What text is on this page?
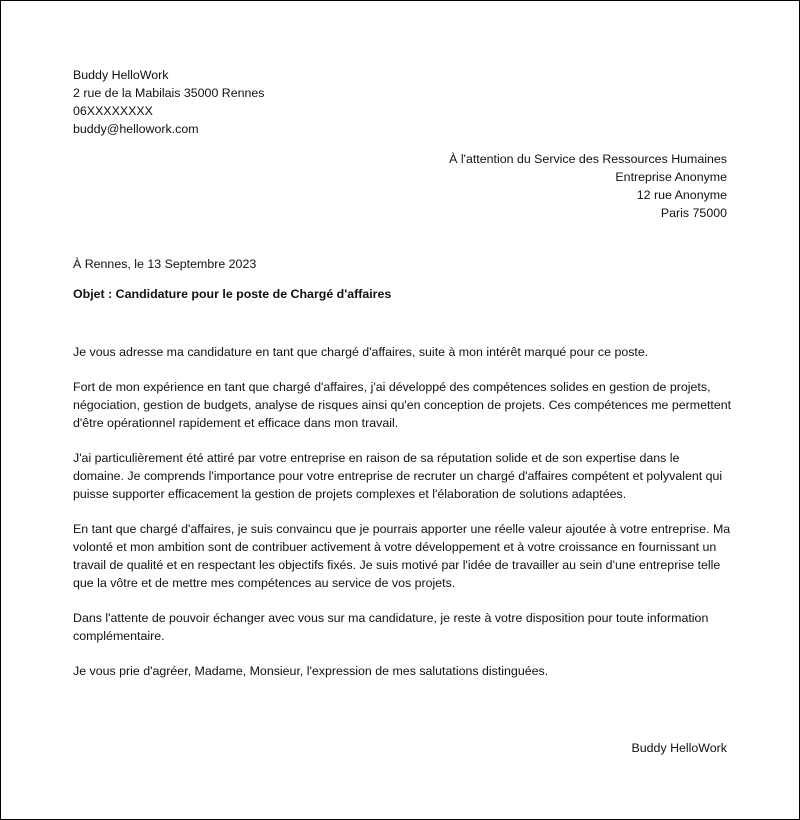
Buddy HelloWork
2 rue de la Mabilais 35000 Rennes
06XXXXXXXX
buddy@hellowork.com
À l'attention du Service des Ressources Humaines
Entreprise Anonyme
12 rue Anonyme
Paris 75000
À Rennes, le 13 Septembre 2023
Objet : Candidature pour le poste de Chargé d'affaires

Je vous adresse ma candidature en tant que chargé d'affaires, suite à mon intérêt marqué pour ce poste.

Fort de mon expérience en tant que chargé d'affaires, j'ai développé des compétences solides en gestion de projets, négociation, gestion de budgets, analyse de risques ainsi qu'en conception de projets. Ces compétences me permettent d'être opérationnel rapidement et efficace dans mon travail.

J'ai particulièrement été attiré par votre entreprise en raison de sa réputation solide et de son expertise dans le domaine. Je comprends l'importance pour votre entreprise de recruter un chargé d'affaires compétent et polyvalent qui puisse supporter efficacement la gestion de projets complexes et l'élaboration de solutions adaptées.

En tant que chargé d'affaires, je suis convaincu que je pourrais apporter une réelle valeur ajoutée à votre entreprise. Ma volonté et mon ambition sont de contribuer activement à votre développement et à votre croissance en fournissant un travail de qualité et en respectant les objectifs fixés. Je suis motivé par l'idée de travailler au sein d'une entreprise telle que la vôtre et de mettre mes compétences au service de vos projets.

Dans l'attente de pouvoir échanger avec vous sur ma candidature, je reste à votre disposition pour toute information complémentaire.

Je vous prie d'agréer, Madame, Monsieur, l'expression de mes salutations distinguées.

Buddy HelloWork
